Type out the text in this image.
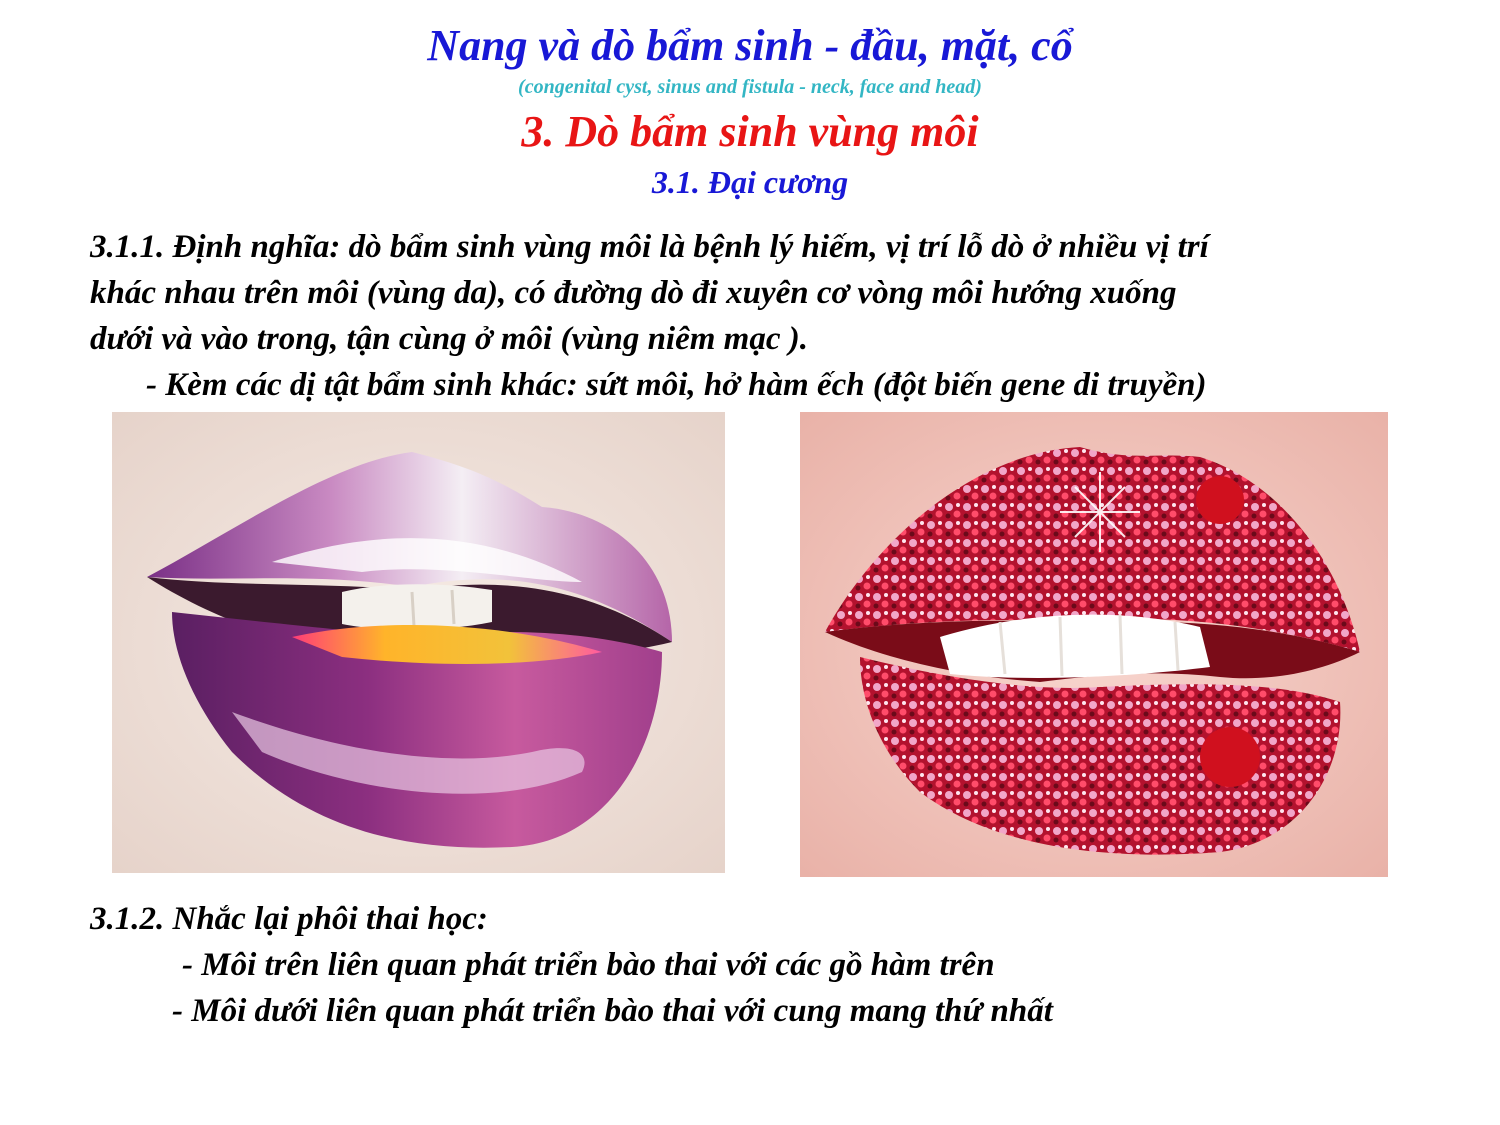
Nang và dò bẩm sinh - đầu, mặt, cổ
(congenital cyst, sinus and fistula - neck, face and head)
3. Dò bẩm sinh vùng môi
3.1. Đại cương
3.1.1. Định nghĩa: dò bẩm sinh vùng môi là bệnh lý hiếm, vị trí lỗ dò ở nhiều vị trí
khác nhau trên môi (vùng da), có đường dò đi xuyên cơ vòng môi hướng xuống
dưới và vào trong, tận cùng ở môi (vùng niêm mạc ).
- Kèm các dị tật bẩm sinh khác: sứt môi, hở hàm ếch (đột biến gene di truyền)
3.1.2. Nhắc lại phôi thai học:
- Môi trên liên quan phát triển bào thai với các gồ hàm trên
- Môi dưới liên quan phát triển bào thai với cung mang thứ nhất
